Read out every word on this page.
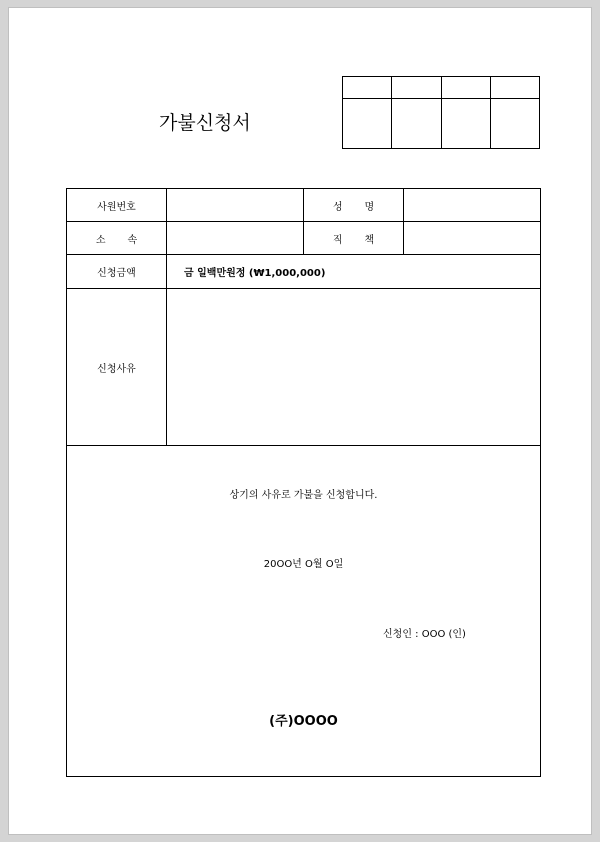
가불신청서

사원번호		성 명	
소 속		직 책	
신청금액	금 일백만원정 (₩1,000,000)		
신청사유			

상기의 사유로 가불을 신청합니다.
20OO년 O월 O일
신청인 : OOO (인)
(주)OOOO			
